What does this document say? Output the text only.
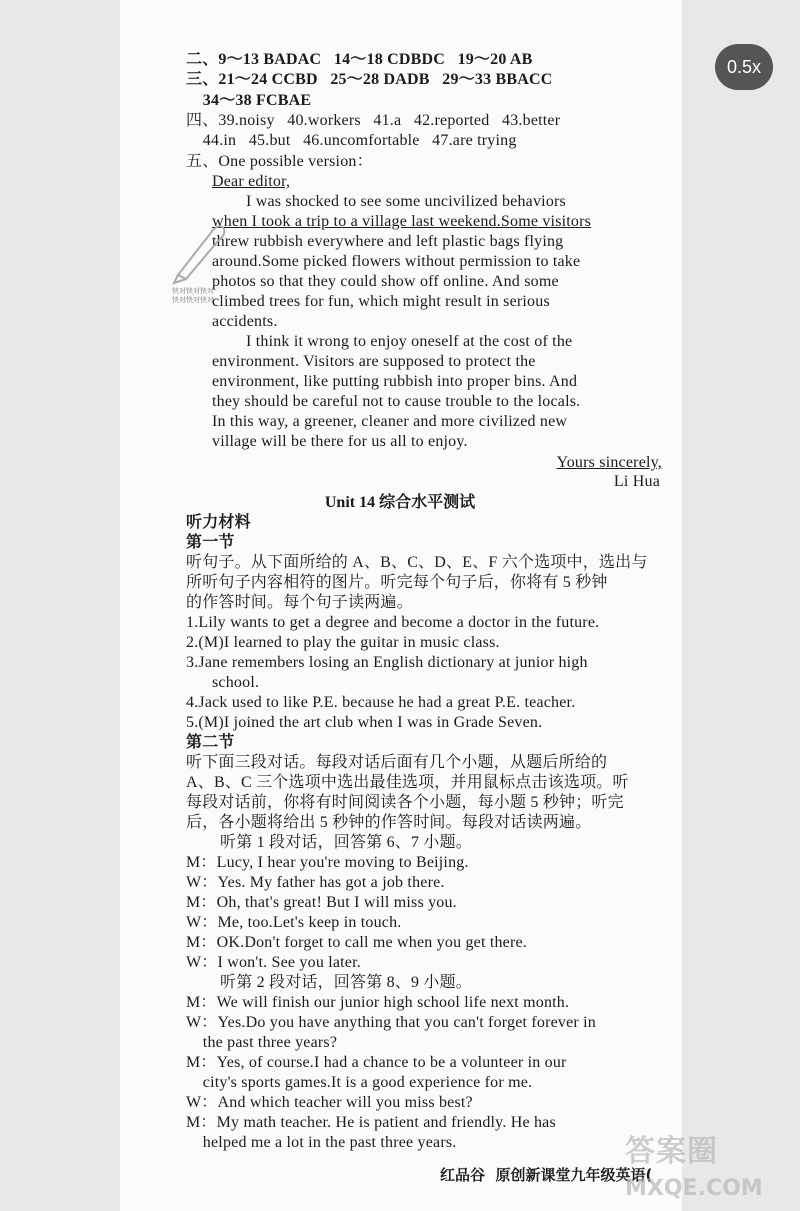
0.5x
二、9～13 BADAC   14～18 CDBDC   19～20 AB
三、21～24 CCBD   25～28 DADB   29～33 BBACC
34～38 FCBAE
四、39.noisy   40.workers   41.a   42.reported   43.better
44.in   45.but   46.uncomfortable   47.are trying
五、One possible version：
Dear editor,
I was shocked to see some uncivilized behaviors
when I took a trip to a village last weekend.Some visitors
threw rubbish everywhere and left plastic bags flying
around.Some picked flowers without permission to take
photos so that they could show off online. And some
climbed trees for fun, which might result in serious
accidents.
I think it wrong to enjoy oneself at the cost of the
environment. Visitors are supposed to protect the
environment, like putting rubbish into proper bins. And
they should be careful not to cause trouble to the locals.
In this way, a greener, cleaner and more civilized new
village will be there for us all to enjoy.
Yours sincerely,
Li Hua
Unit 14 综合水平测试
听力材料
第一节
听句子。从下面所给的 A、B、C、D、E、F 六个选项中，选出与
所听句子内容相符的图片。听完每个句子后，你将有 5 秒钟
的作答时间。每个句子读两遍。
1.Lily wants to get a degree and become a doctor in the future.
2.(M)I learned to play the guitar in music class.
3.Jane remembers losing an English dictionary at junior high
school.
4.Jack used to like P.E. because he had a great P.E. teacher.
5.(M)I joined the art club when I was in Grade Seven.
第二节
听下面三段对话。每段对话后面有几个小题，从题后所给的
A、B、C 三个选项中选出最佳选项，并用鼠标点击该选项。听
每段对话前，你将有时间阅读各个小题，每小题 5 秒钟；听完
后，各小题将给出 5 秒钟的作答时间。每段对话读两遍。
听第 1 段对话，回答第 6、7 小题。
M：Lucy, I hear you're moving to Beijing.
W：Yes. My father has got a job there.
M：Oh, that's great! But I will miss you.
W：Me, too.Let's keep in touch.
M：OK.Don't forget to call me when you get there.
W：I won't. See you later.
听第 2 段对话，回答第 8、9 小题。
M：We will finish our junior high school life next month.
W：Yes.Do you have anything that you can't forget forever in
the past three years?
M：Yes, of course.I had a chance to be a volunteer in our
city's sports games.It is a good experience for me.
W：And which teacher will you miss best?
M：My math teacher. He is patient and friendly. He has
helped me a lot in the past three years.
红品谷  原创新课堂九年级英语(
快对快对快对
快对快对快对
答案圈
MXQE.COM
